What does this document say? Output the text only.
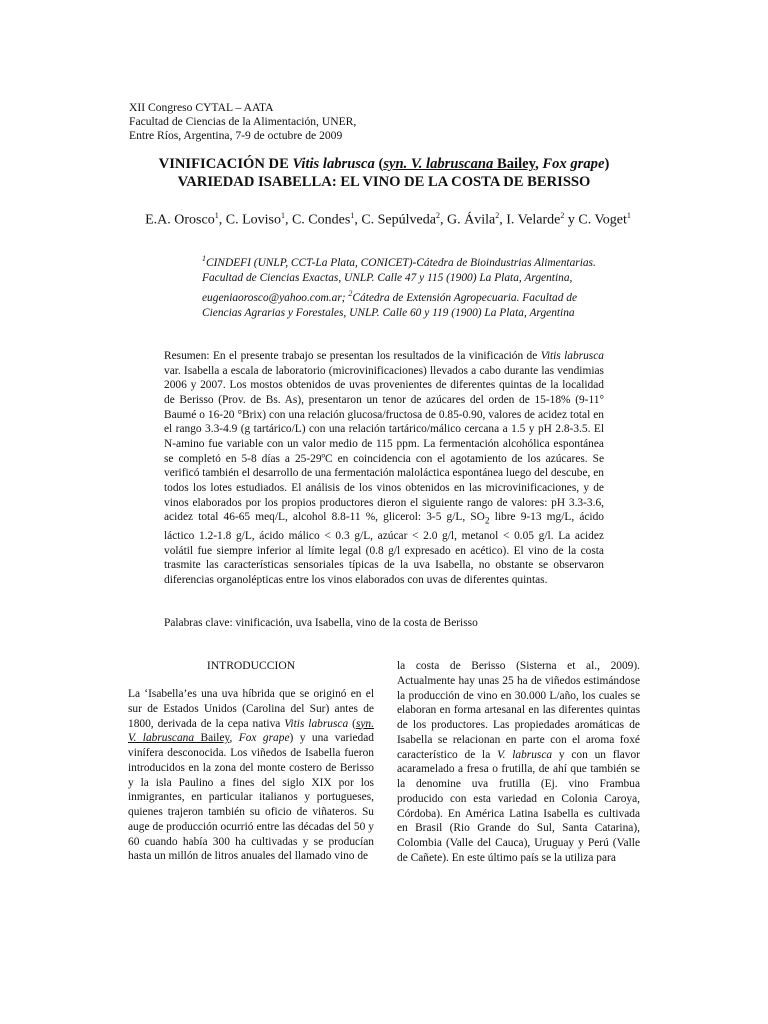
XII Congreso CYTAL – AATA
Facultad de Ciencias de la Alimentación, UNER,
Entre Ríos, Argentina, 7-9 de octubre de 2009
VINIFICACIÓN DE Vitis labrusca (syn. V. labruscana Bailey, Fox grape)
VARIEDAD ISABELLA: EL VINO DE LA COSTA DE BERISSO
E.A. Orosco$^1$, C. Loviso$^1$, C. Condes$^1$, C. Sepúlveda$^2$, G. Ávila$^2$, I. Velarde$^2$ y C. Voget$^1$
$^1$CINDEFI (UNLP, CCT-La Plata, CONICET)-Cátedra de Bioindustrias Alimentarias. Facultad de Ciencias Exactas, UNLP. Calle 47 y 115 (1900) La Plata, Argentina, eugeniaorosco@yahoo.com.ar; $^2$Cátedra de Extensión Agropecuaria. Facultad de Ciencias Agrarias y Forestales, UNLP. Calle 60 y 119 (1900) La Plata, Argentina

Resumen: En el presente trabajo se presentan los resultados de la vinificación de Vitis labrusca var. Isabella a escala de laboratorio (microvinificaciones) llevados a cabo durante las vendimias 2006 y 2007. Los mostos obtenidos de uvas provenientes de diferentes quintas de la localidad de Berisso (Prov. de Bs. As), presentaron un tenor de azúcares del orden de 15-18% (9-11° Baumé o 16-20 °Brix) con una relación glucosa/fructosa de 0.85-0.90, valores de acidez total en el rango 3.3-4.9 (g tartárico/L) con una relación tartárico/málico cercana a 1.5 y pH 2.8-3.5. El N-amino fue variable con un valor medio de 115 ppm. La fermentación alcohólica espontánea se completó en 5-8 días a 25-29ºC en coincidencia con el agotamiento de los azúcares. Se verificó también el desarrollo de una fermentación maloláctica espontánea luego del descube, en todos los lotes estudiados. El análisis de los vinos obtenidos en las microvinificaciones, y de vinos elaborados por los propios productores dieron el siguiente rango de valores: pH 3.3-3.6, acidez total 46-65 meq/L, alcohol 8.8-11 %, glicerol: 3-5 g/L, $SO_2$ libre 9-13 mg/L, ácido láctico 1.2-1.8 g/L, ácido málico < 0.3 g/L, azúcar < 2.0 g/l, metanol < 0.05 g/l. La acidez volátil fue siempre inferior al límite legal (0.8 g/l expresado en acético). El vino de la costa trasmite las características sensoriales típicas de la uva Isabella, no obstante se observaron diferencias organolépticas entre los vinos elaborados con uvas de diferentes quintas.

Palabras clave: vinificación, uva Isabella, vino de la costa de Berisso
INTRODUCCION

La ‘Isabella’es una uva híbrida que se originó en el sur de Estados Unidos (Carolina del Sur) antes de 1800, derivada de la cepa nativa Vitis labrusca (syn. V. labruscana Bailey, Fox grape) y una variedad vinífera desconocida. Los viñedos de Isabella fueron introducidos en la zona del monte costero de Berisso y la isla Paulino a fines del siglo XIX por los inmigrantes, en particular italianos y portugueses, quienes trajeron también su oficio de viñateros. Su auge de producción ocurrió entre las décadas del 50 y 60 cuando había 300 ha cultivadas y se producían hasta un millón de litros anuales del llamado vino de

la costa de Berisso (Sisterna et al., 2009). Actualmente hay unas 25 ha de viñedos estimándose la producción de vino en 30.000 L/año, los cuales se elaboran en forma artesanal en las diferentes quintas de los productores. Las propiedades aromáticas de Isabella se relacionan en parte con el aroma foxé característico de la V. labrusca y con un flavor acaramelado a fresa o frutilla, de ahí que también se la denomine uva frutilla (Ej. vino Frambua producido con esta variedad en Colonia Caroya, Córdoba). En América Latina Isabella es cultivada en Brasil (Rio Grande do Sul, Santa Catarina), Colombia (Valle del Cauca), Uruguay y Perú (Valle de Cañete). En este último país se la utiliza para
